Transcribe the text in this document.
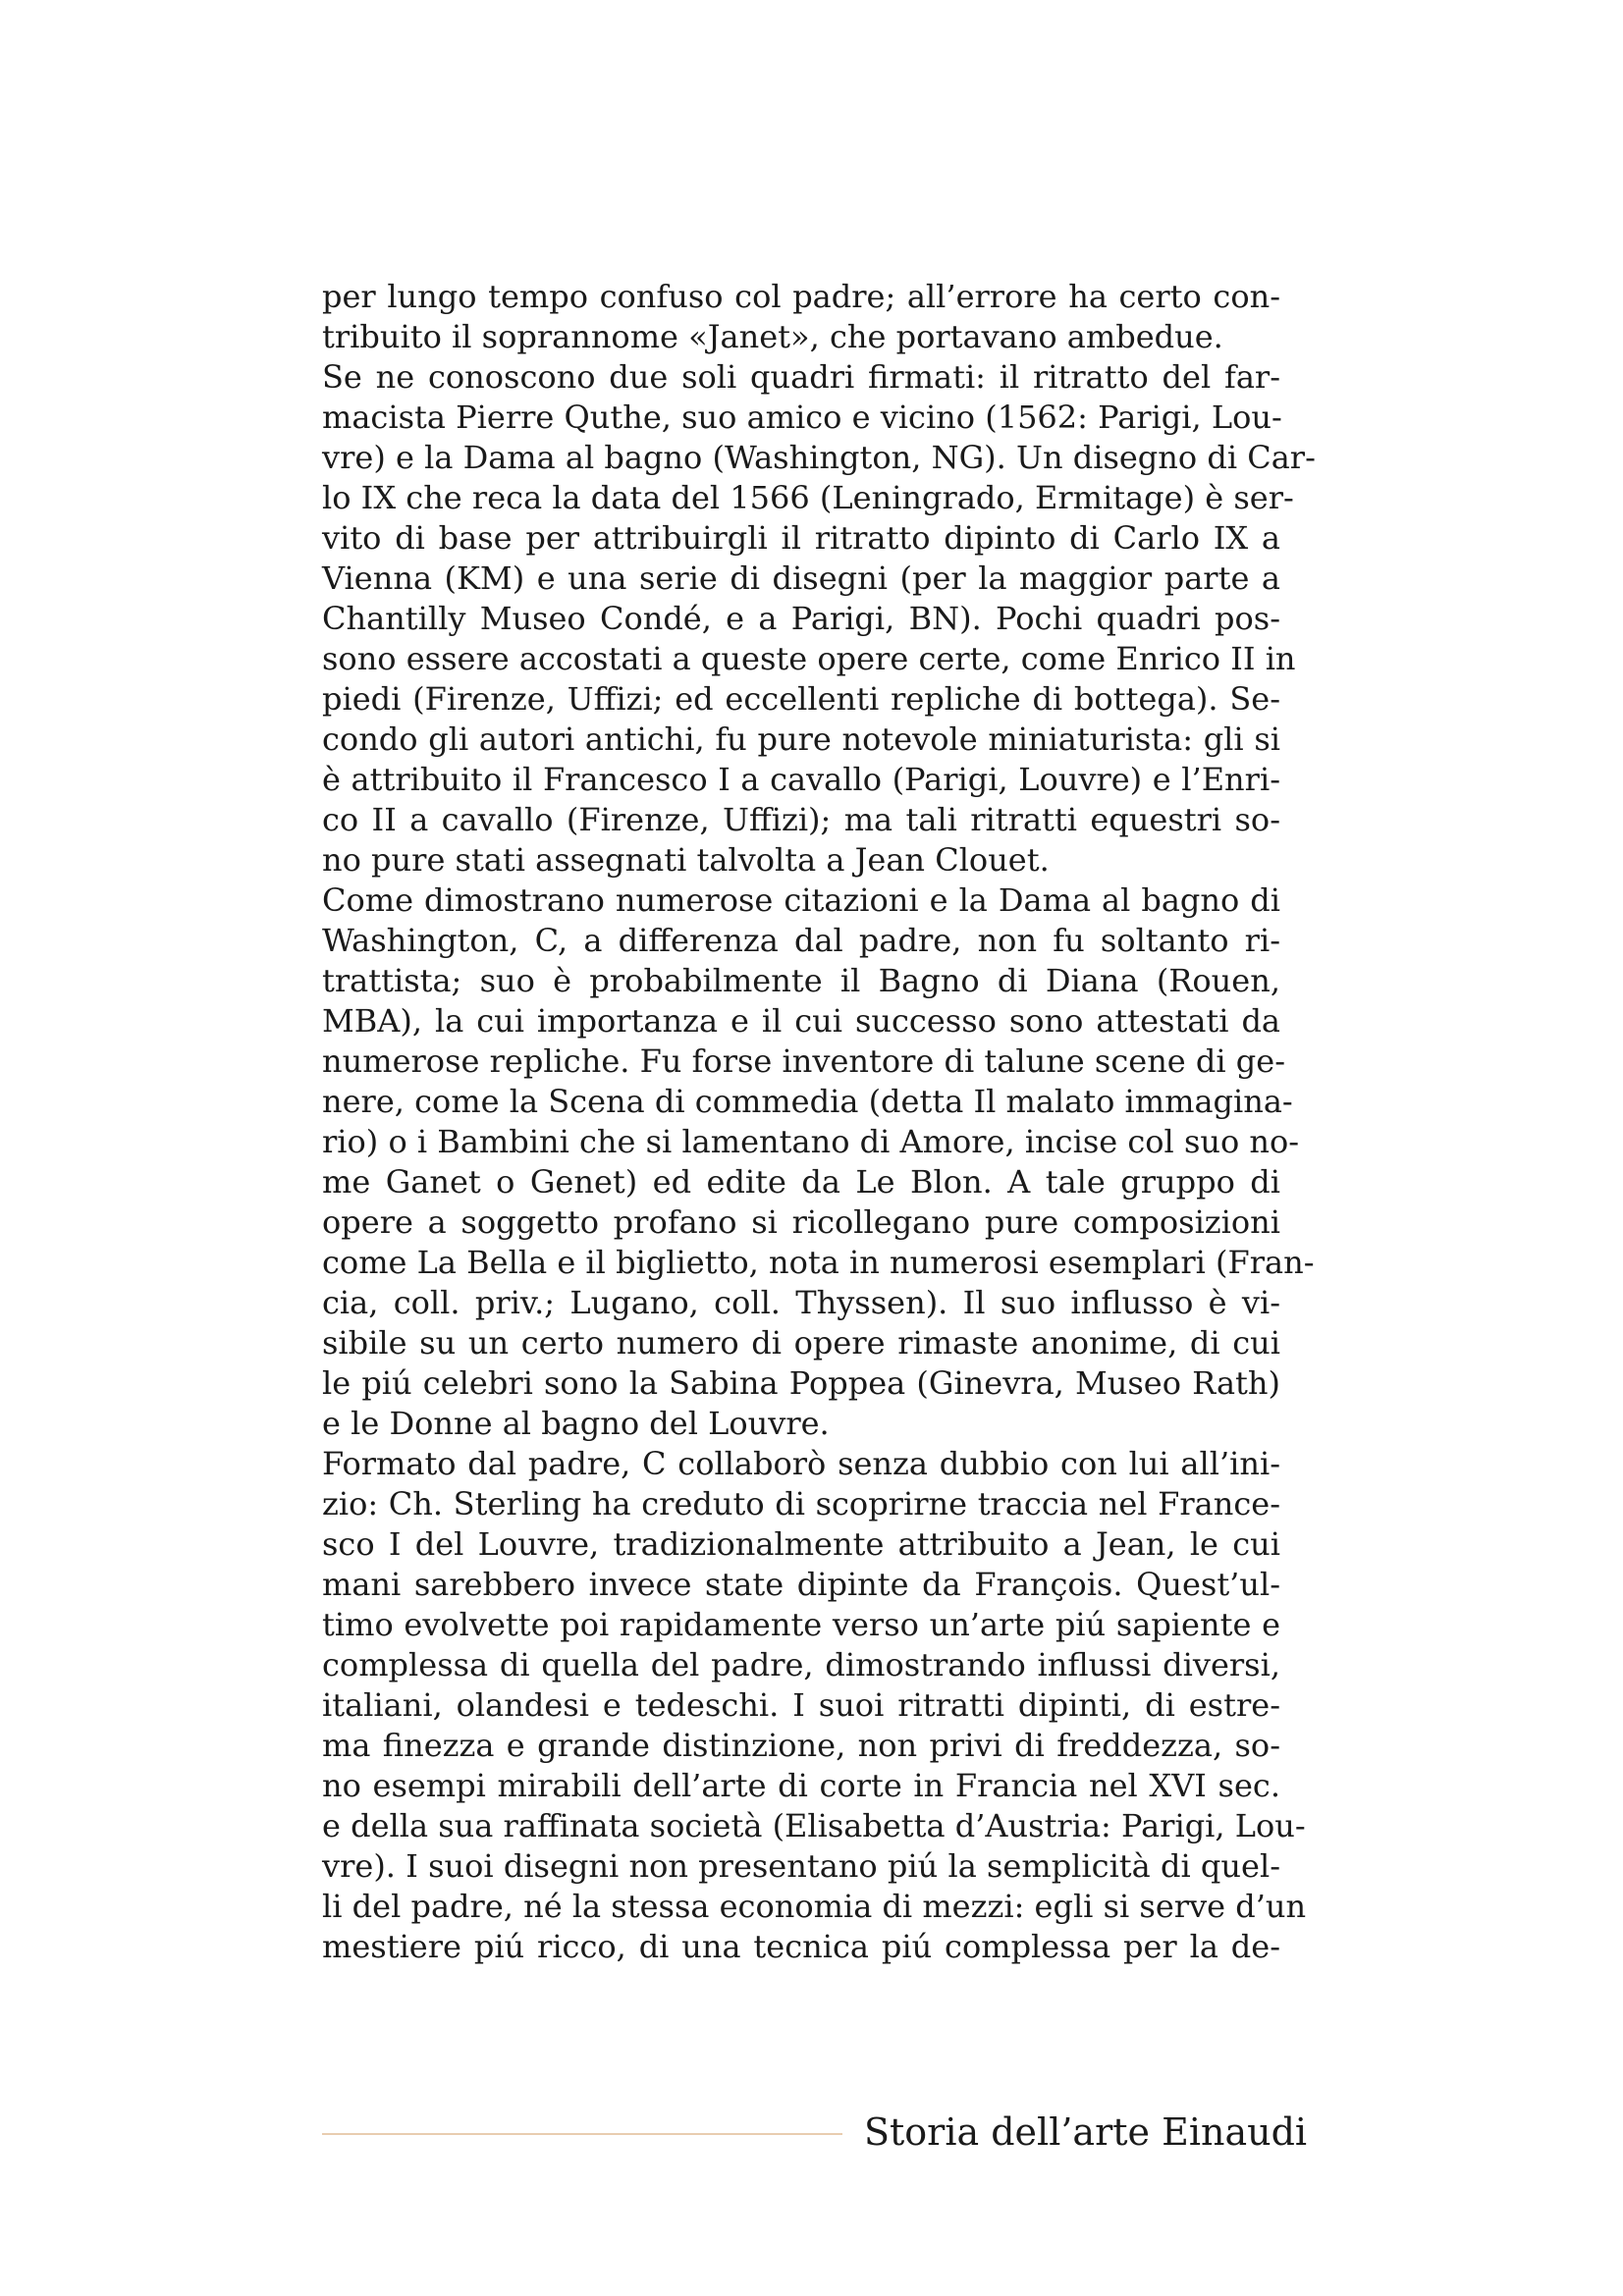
per lungo tempo confuso col padre; all’errore ha certo con-
tribuito il soprannome «Janet», che portavano ambedue.
Se ne conoscono due soli quadri firmati: il ritratto del far-
macista Pierre Quthe, suo amico e vicino (1562: Parigi, Lou-
vre) e la Dama al bagno (Washington, NG). Un disegno di Car-
lo IX che reca la data del 1566 (Leningrado, Ermitage) è ser-
vito di base per attribuirgli il ritratto dipinto di Carlo IX a
Vienna (KM) e una serie di disegni (per la maggior parte a
Chantilly Museo Condé, e a Parigi, BN). Pochi quadri pos-
sono essere accostati a queste opere certe, come Enrico II in
piedi (Firenze, Uffizi; ed eccellenti repliche di bottega). Se-
condo gli autori antichi, fu pure notevole miniaturista: gli si
è attribuito il Francesco I a cavallo (Parigi, Louvre) e l’Enri-
co II a cavallo (Firenze, Uffizi); ma tali ritratti equestri so-
no pure stati assegnati talvolta a Jean Clouet.
Come dimostrano numerose citazioni e la Dama al bagno di
Washington, C, a differenza dal padre, non fu soltanto ri-
trattista; suo è probabilmente il Bagno di Diana (Rouen,
MBA), la cui importanza e il cui successo sono attestati da
numerose repliche. Fu forse inventore di talune scene di ge-
nere, come la Scena di commedia (detta Il malato immagina-
rio) o i Bambini che si lamentano di Amore, incise col suo no-
me Ganet o Genet) ed edite da Le Blon. A tale gruppo di
opere a soggetto profano si ricollegano pure composizioni
come La Bella e il biglietto, nota in numerosi esemplari (Fran-
cia, coll. priv.; Lugano, coll. Thyssen). Il suo influsso è vi-
sibile su un certo numero di opere rimaste anonime, di cui
le piú celebri sono la Sabina Poppea (Ginevra, Museo Rath)
e le Donne al bagno del Louvre.
Formato dal padre, C collaborò senza dubbio con lui all’ini-
zio: Ch. Sterling ha creduto di scoprirne traccia nel France-
sco I del Louvre, tradizionalmente attribuito a Jean, le cui
mani sarebbero invece state dipinte da François. Quest’ul-
timo evolvette poi rapidamente verso un’arte piú sapiente e
complessa di quella del padre, dimostrando influssi diversi,
italiani, olandesi e tedeschi. I suoi ritratti dipinti, di estre-
ma finezza e grande distinzione, non privi di freddezza, so-
no esempi mirabili dell’arte di corte in Francia nel XVI sec.
e della sua raffinata società (Elisabetta d’Austria: Parigi, Lou-
vre). I suoi disegni non presentano piú la semplicità di quel-
li del padre, né la stessa economia di mezzi: egli si serve d’un
mestiere piú ricco, di una tecnica piú complessa per la de-
Storia dell’arte Einaudi
